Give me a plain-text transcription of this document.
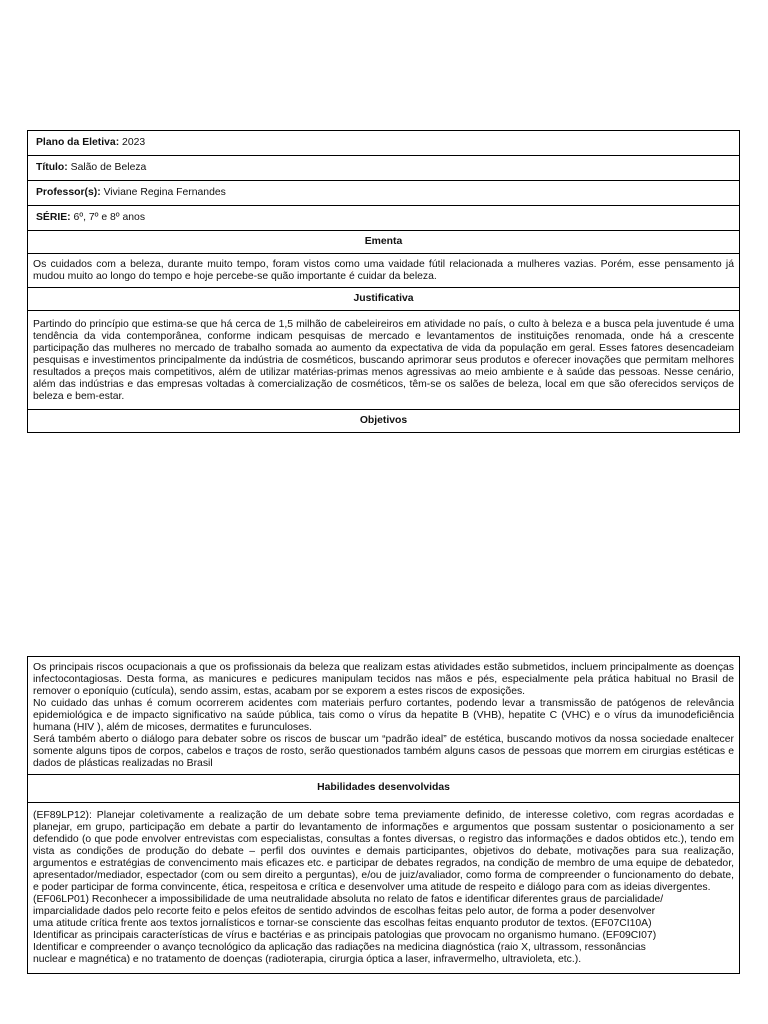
Plano da Eletiva: 2023
Título: Salão de Beleza
Professor(s): Viviane Regina Fernandes
SÉRIE: 6º, 7º e 8º anos
Ementa
Os cuidados com a beleza, durante muito tempo, foram vistos como uma vaidade fútil relacionada a mulheres vazias. Porém, esse pensamento já mudou muito ao longo do tempo e hoje percebe-se quão importante é cuidar da beleza.
Justificativa
Partindo do princípio que estima-se que há cerca de 1,5 milhão de cabeleireiros em atividade no país, o culto à beleza e a busca pela juventude é uma tendência da vida contemporânea, conforme indicam pesquisas de mercado e levantamentos de instituições renomada, onde há a crescente participação das mulheres no mercado de trabalho somada ao aumento da expectativa de vida da população em geral. Esses fatores desencadeiam pesquisas e investimentos principalmente da indústria de cosméticos, buscando aprimorar seus produtos e oferecer inovações que permitam melhores resultados a preços mais competitivos, além de utilizar matérias-primas menos agressivas ao meio ambiente e à saúde das pessoas. Nesse cenário, além das indústrias e das empresas voltadas à comercialização de cosméticos, têm-se os salões de beleza, local em que são oferecidos serviços de beleza e bem-estar.
Objetivos

Os principais riscos ocupacionais a que os profissionais da beleza que realizam estas atividades estão submetidos, incluem principalmente as doenças infectocontagiosas. Desta forma, as manicures e pedicures manipulam tecidos nas mãos e pés, especialmente pela prática habitual no Brasil de remover o eponíquio (cutícula), sendo assim, estas, acabam por se exporem a estes riscos de exposições.

No cuidado das unhas é comum ocorrerem acidentes com materiais perfuro cortantes, podendo levar a transmissão de patógenos de relevância epidemiológica e de impacto significativo na saúde pública, tais como o vírus da hepatite B (VHB), hepatite C (VHC) e o vírus da imunodeficiência humana (HIV ), além de micoses, dermatites e furunculoses.

Será também aberto o diálogo para debater sobre os riscos de buscar um “padrão ideal” de estética, buscando motivos da nossa sociedade enaltecer somente alguns tipos de corpos, cabelos e traços de rosto, serão questionados também alguns casos de pessoas que morrem em cirurgias estéticas e dados de plásticas realizadas no Brasil

Habilidades desenvolvidas

(EF89LP12): Planejar coletivamente a realização de um debate sobre tema previamente definido, de interesse coletivo, com regras acordadas e planejar, em grupo, participação em debate a partir do levantamento de informações e argumentos que possam sustentar o posicionamento a ser defendido (o que pode envolver entrevistas com especialistas, consultas a fontes diversas, o registro das informações e dados obtidos etc.), tendo em vista as condições de produção do debate – perfil dos ouvintes e demais participantes, objetivos do debate, motivações para sua realização, argumentos e estratégias de convencimento mais eficazes etc. e participar de debates regrados, na condição de membro de uma equipe de debatedor, apresentador/mediador, espectador (com ou sem direito a perguntas), e/ou de juiz/avaliador, como forma de compreender o funcionamento do debate, e poder participar de forma convincente, ética, respeitosa e crítica e desenvolver uma atitude de respeito e diálogo para com as ideias divergentes.

(EF06LP01) Reconhecer a impossibilidade de uma neutralidade absoluta no relato de fatos e identificar diferentes graus de parcialidade/

imparcialidade dados pelo recorte feito e pelos efeitos de sentido advindos de escolhas feitas pelo autor, de forma a poder desenvolver

uma atitude crítica frente aos textos jornalísticos e tornar-se consciente das escolhas feitas enquanto produtor de textos. (EF07CI10A)

Identificar as principais características de vírus e bactérias e as principais patologias que provocam no organismo humano. (EF09CI07)

Identificar e compreender o avanço tecnológico da aplicação das radiações na medicina diagnóstica (raio X, ultrassom, ressonâncias

nuclear e magnética) e no tratamento de doenças (radioterapia, cirurgia óptica a laser, infravermelho, ultravioleta, etc.).
